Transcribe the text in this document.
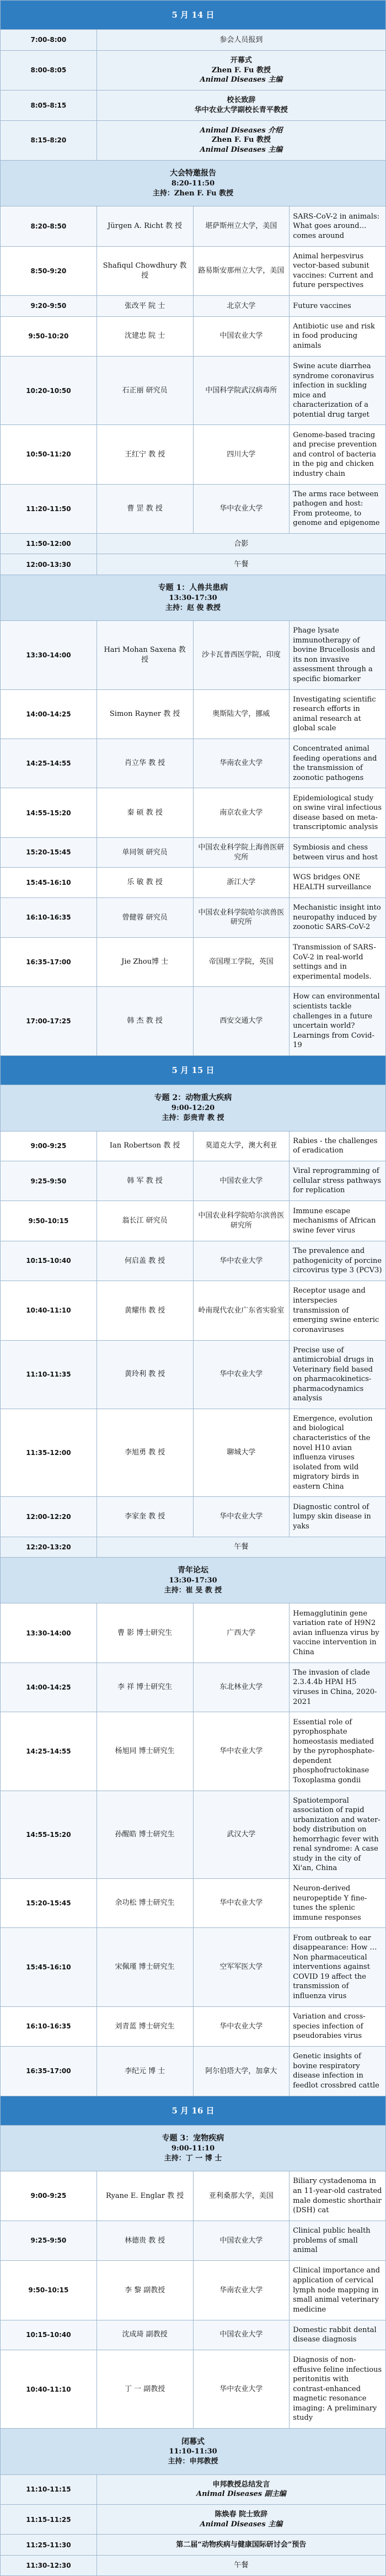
5 月 14 日			
7:00-8:00	参会人员报到		
8:00-8:05	开幕式
Zhen F. Fu 教授
Animal Diseases 主编		

8:05-8:15	校长致辞
华中农业大学副校长青平教授		

8:15-8:20	Animal Diseases 介绍
Zhen F. Fu 教授
Animal Diseases 主编		

大会特邀报告
8:20-11:50
主持：Zhen F. Fu 教授			

8:20-8:50	Jürgen A. Richt 教 授	堪萨斯州立大学，美国	SARS-CoV-2 in animals: What goes around… comes around
8:50-9:20	Shafiqul Chowdhury 教 授	路易斯安那州立大学，美国	Animal herpesvirus vector-based subunit vaccines: Current and future perspectives
9:20-9:50	张改平 院 士	北京大学	Future vaccines
9:50-10:20	沈建忠 院 士	中国农业大学	Antibiotic use and risk in food producing animals
10:20-10:50	石正丽 研究员	中国科学院武汉病毒所	Swine acute diarrhea syndrome coronavirus infection in suckling mice and characterization of a potential drug target
10:50-11:20	王红宁 教 授	四川大学	Genome-based tracing and precise prevention and control of bacteria in the pig and chicken industry chain
11:20-11:50	曹 罡 教 授	华中农业大学	The arms race between pathogen and host: From proteome, to genome and epigenome
11:50-12:00	合影		
12:00-13:30	午餐		

专题 1：人兽共患病
13:30-17:30
主持：赵 俊 教授			

13:30-14:00	Hari Mohan Saxena 教 授	沙卡瓦普西医学院，印度	Phage lysate immunotherapy of bovine Brucellosis and its non invasive assessment through a specific biomarker
14:00-14:25	Simon Rayner 教 授	奥斯陆大学，挪威	Investigating scientific research efforts in animal research at global scale
14:25-14:55	肖立华 教 授	华南农业大学	Concentrated animal feeding operations and the transmission of zoonotic pathogens
14:55-15:20	秦 硕 教 授	南京农业大学	Epidemiological study on swine viral infectious disease based on meta-transcriptomic analysis
15:20-15:45	单同领 研究员	中国农业科学院上海兽医研究所	Symbiosis and chess between virus and host
15:45-16:10	乐 敏 教 授	浙江大学	WGS bridges ONE HEALTH surveillance
16:10-16:35	曾健蓉 研究员	中国农业科学院哈尔滨兽医研究所	Mechanistic insight into neuropathy induced by zoonotic SARS-CoV-2
16:35-17:00	Jie Zhou博 士	帝国理工学院，英国	Transmission of SARS-CoV-2 in real-world settings and in experimental models.
17:00-17:25	韩 杰 教 授	西安交通大学	How can environmental scientists tackle challenges in a future uncertain world? Learnings from Covid-19
5 月 15 日			

专题 2：动物重大疾病
9:00-12:20
主持：彭贵青 教 授			

9:00-9:25	Ian Robertson 教 授	莫道克大学，澳大利亚	Rabies - the challenges of eradication
9:25-9:50	韩 军 教 授	中国农业大学	Viral reprogramming of cellular stress pathways for replication
9:50-10:15	翁长江 研究员	中国农业科学院哈尔滨兽医研究所	Immune escape mechanisms of African swine fever virus
10:15-10:40	何启盖 教 授	华中农业大学	The prevalence and pathogenicity of porcine circovirus type 3 (PCV3)
10:40-11:10	黄耀伟 教 授	岭南现代农业广东省实验室	Receptor usage and interspecies transmission of emerging swine enteric coronaviruses
11:10-11:35	黄玲利 教 授	华中农业大学	Precise use of antimicrobial drugs in Veterinary field based on pharmacokinetics-pharmacodynamics analysis
11:35-12:00	李旭勇 教 授	聊城大学	Emergence, evolution and biological characteristics of the novel H10 avian influenza viruses isolated from wild migratory birds in eastern China
12:00-12:20	李家奎 教 授	华中农业大学	Diagnostic control of lumpy skin disease in yaks
12:20-13:20	午餐		

青年论坛
13:30-17:30
主持：崔 旻 教 授			

13:30-14:00	曹 影 博士研究生	广西大学	Hemagglutinin gene variation rate of H9N2 avian influenza virus by vaccine intervention in China
14:00-14:25	李 祥 博士研究生	东北林业大学	The invasion of clade 2.3.4.4b HPAI H5 viruses in China, 2020-2021
14:25-14:55	杨旭同 博士研究生	华中农业大学	Essential role of pyrophosphate homeostasis mediated by the pyrophosphate-dependent phosphofructokinase Toxoplasma gondii
14:55-15:20	孙醒皓 博士研究生	武汉大学	Spatiotemporal association of rapid urbanization and water-body distribution on hemorrhagic fever with renal syndrome: A case study in the city of Xi'an, China
15:20-15:45	余功松 博士研究生	华中农业大学	Neuron-derived neuropeptide Y fine-tunes the splenic immune responses
15:45-16:10	宋佩瑾 博士研究生	空军军医大学	From outbreak to ear disappearance: How … Non pharmaceutical interventions against COVID 19 affect the transmission of influenza virus
16:10-16:35	刘青蓝 博士研究生	华中农业大学	Variation and cross-species infection of pseudorabies virus
16:35-17:00	李纪元 博 士	阿尔伯塔大学，加拿大	Genetic insights of bovine respiratory disease infection in feedlot crossbred cattle
5 月 16 日			

专题 3：宠物疾病
9:00-11:10
主持：丁 一 博 士			

9:00-9:25	Ryane E. Englar 教 授	亚利桑那大学，美国	Biliary cystadenoma in an 11-year-old castrated male domestic shorthair (DSH) cat
9:25-9:50	林德贵 教 授	中国农业大学	Clinical public health problems of small animal
9:50-10:15	李 黎 副教授	华南农业大学	Clinical importance and application of cervical lymph node mapping in small animal veterinary medicine
10:15-10:40	沈成琦 副教授	中国农业大学	Domestic rabbit dental disease diagnosis
10:40-11:10	丁 一 副教授	华中农业大学	Diagnosis of non-effusive feline infectious peritonitis with contrast-enhanced magnetic resonance imaging: A preliminary study

闭幕式
11:10-11:30
主持：申邦教授			

11:10-11:15	申邦教授总结发言
Animal Diseases 副主编		

11:15-11:25	陈焕春 院士致辞
Animal Diseases 主编		

11:25-11:30	第二届“动物疾病与健康国际研讨会”预告		

11:30-12:30	午餐		
